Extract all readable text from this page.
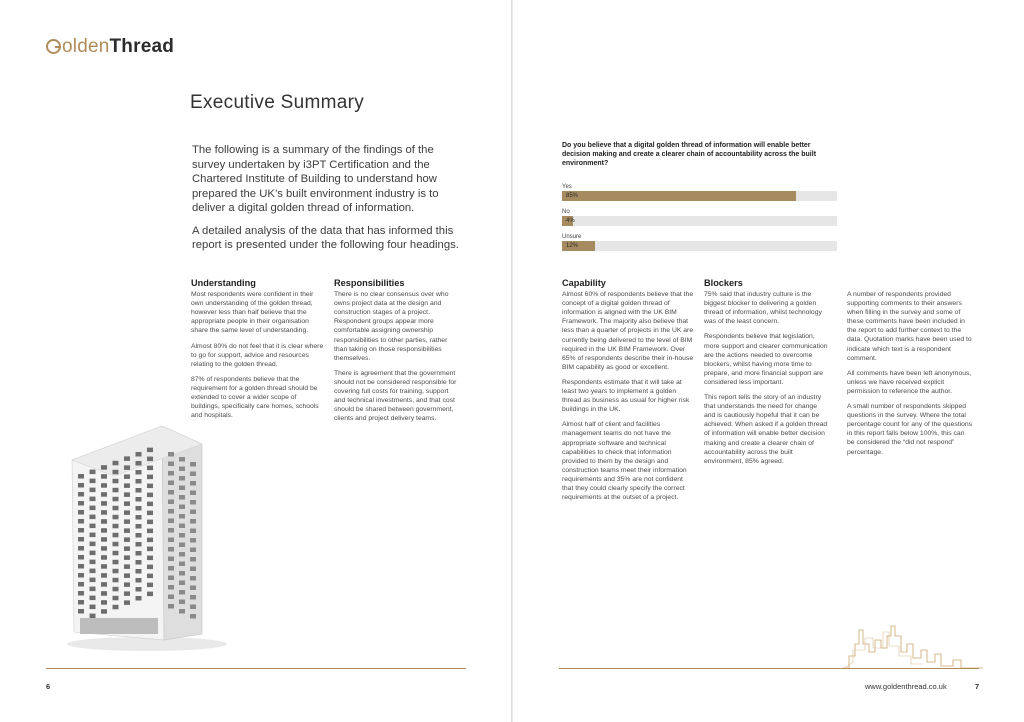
oldenThread
Executive Summary

The following is a summary of the findings of the survey undertaken by i3PT Certification and the Chartered Institute of Building to understand how prepared the UK’s built environment industry is to deliver a digital golden thread of information.

A detailed analysis of the data that has informed this report is presented under the following four headings.

Understanding

Most respondents were confident in their own understanding of the golden thread, however less than half believe that the appropriate people in their organisation share the same level of understanding.

Almost 80% do not feel that it is clear where to go for support, advice and resources relating to the golden thread.

87% of respondents believe that the requirement for a golden thread should be extended to cover a wider scope of buildings, specifically care homes, schools and hospitals.

Responsibilities

There is no clear consensus over who owns project data at the design and construction stages of a project. Respondent groups appear more comfortable assigning ownership responsibilities to other parties, rather than taking on those responsibilities themselves.

There is agreement that the government should not be considered responsible for covering full costs for training, support and technical investments, and that cost should be shared between government, clients and project delivery teams.

6
Do you believe that a digital golden thread of information will enable better decision making and create a clearer chain of accountability across the built environment?
Yes
85%
No
4%
Unsure
12%
Capability

Almost 60% of respondents believe that the concept of a digital golden thread of information is aligned with the UK BIM Framework. The majority also believe that less than a quarter of projects in the UK are currently being delivered to the level of BIM required in the UK BIM Framework. Over 65% of respondents describe their in-house BIM capability as good or excellent.

Respondents estimate that it will take at least two years to implement a golden thread as business as usual for higher risk buildings in the UK.

Almost half of client and facilities management teams do not have the appropriate software and technical capabilities to check that information provided to them by the design and construction teams meet their information requirements and 35% are not confident that they could clearly specify the correct requirements at the outset of a project.

Blockers

75% said that industry culture is the biggest blocker to delivering a golden thread of information, whilst technology was of the least concern.

Respondents believe that legislation, more support and clearer communication are the actions needed to overcome blockers, whilst having more time to prepare, and more financial support are considered less important.

This report tells the story of an industry that understands the need for change and is cautiously hopeful that it can be achieved. When asked if a golden thread of information will enable better decision making and create a clearer chain of accountability across the built environment, 85% agreed.

A number of respondents provided supporting comments to their answers when filling in the survey and some of these comments have been included in the report to add further context to the data. Quotation marks have been used to indicate which text is a respondent comment.

All comments have been left anonymous, unless we have received explicit permission to reference the author.

A small number of respondents skipped questions in the survey. Where the total percentage count for any of the questions in this report falls below 100%, this can be considered the “did not respond” percentage.

www.goldenthread.co.uk	7
